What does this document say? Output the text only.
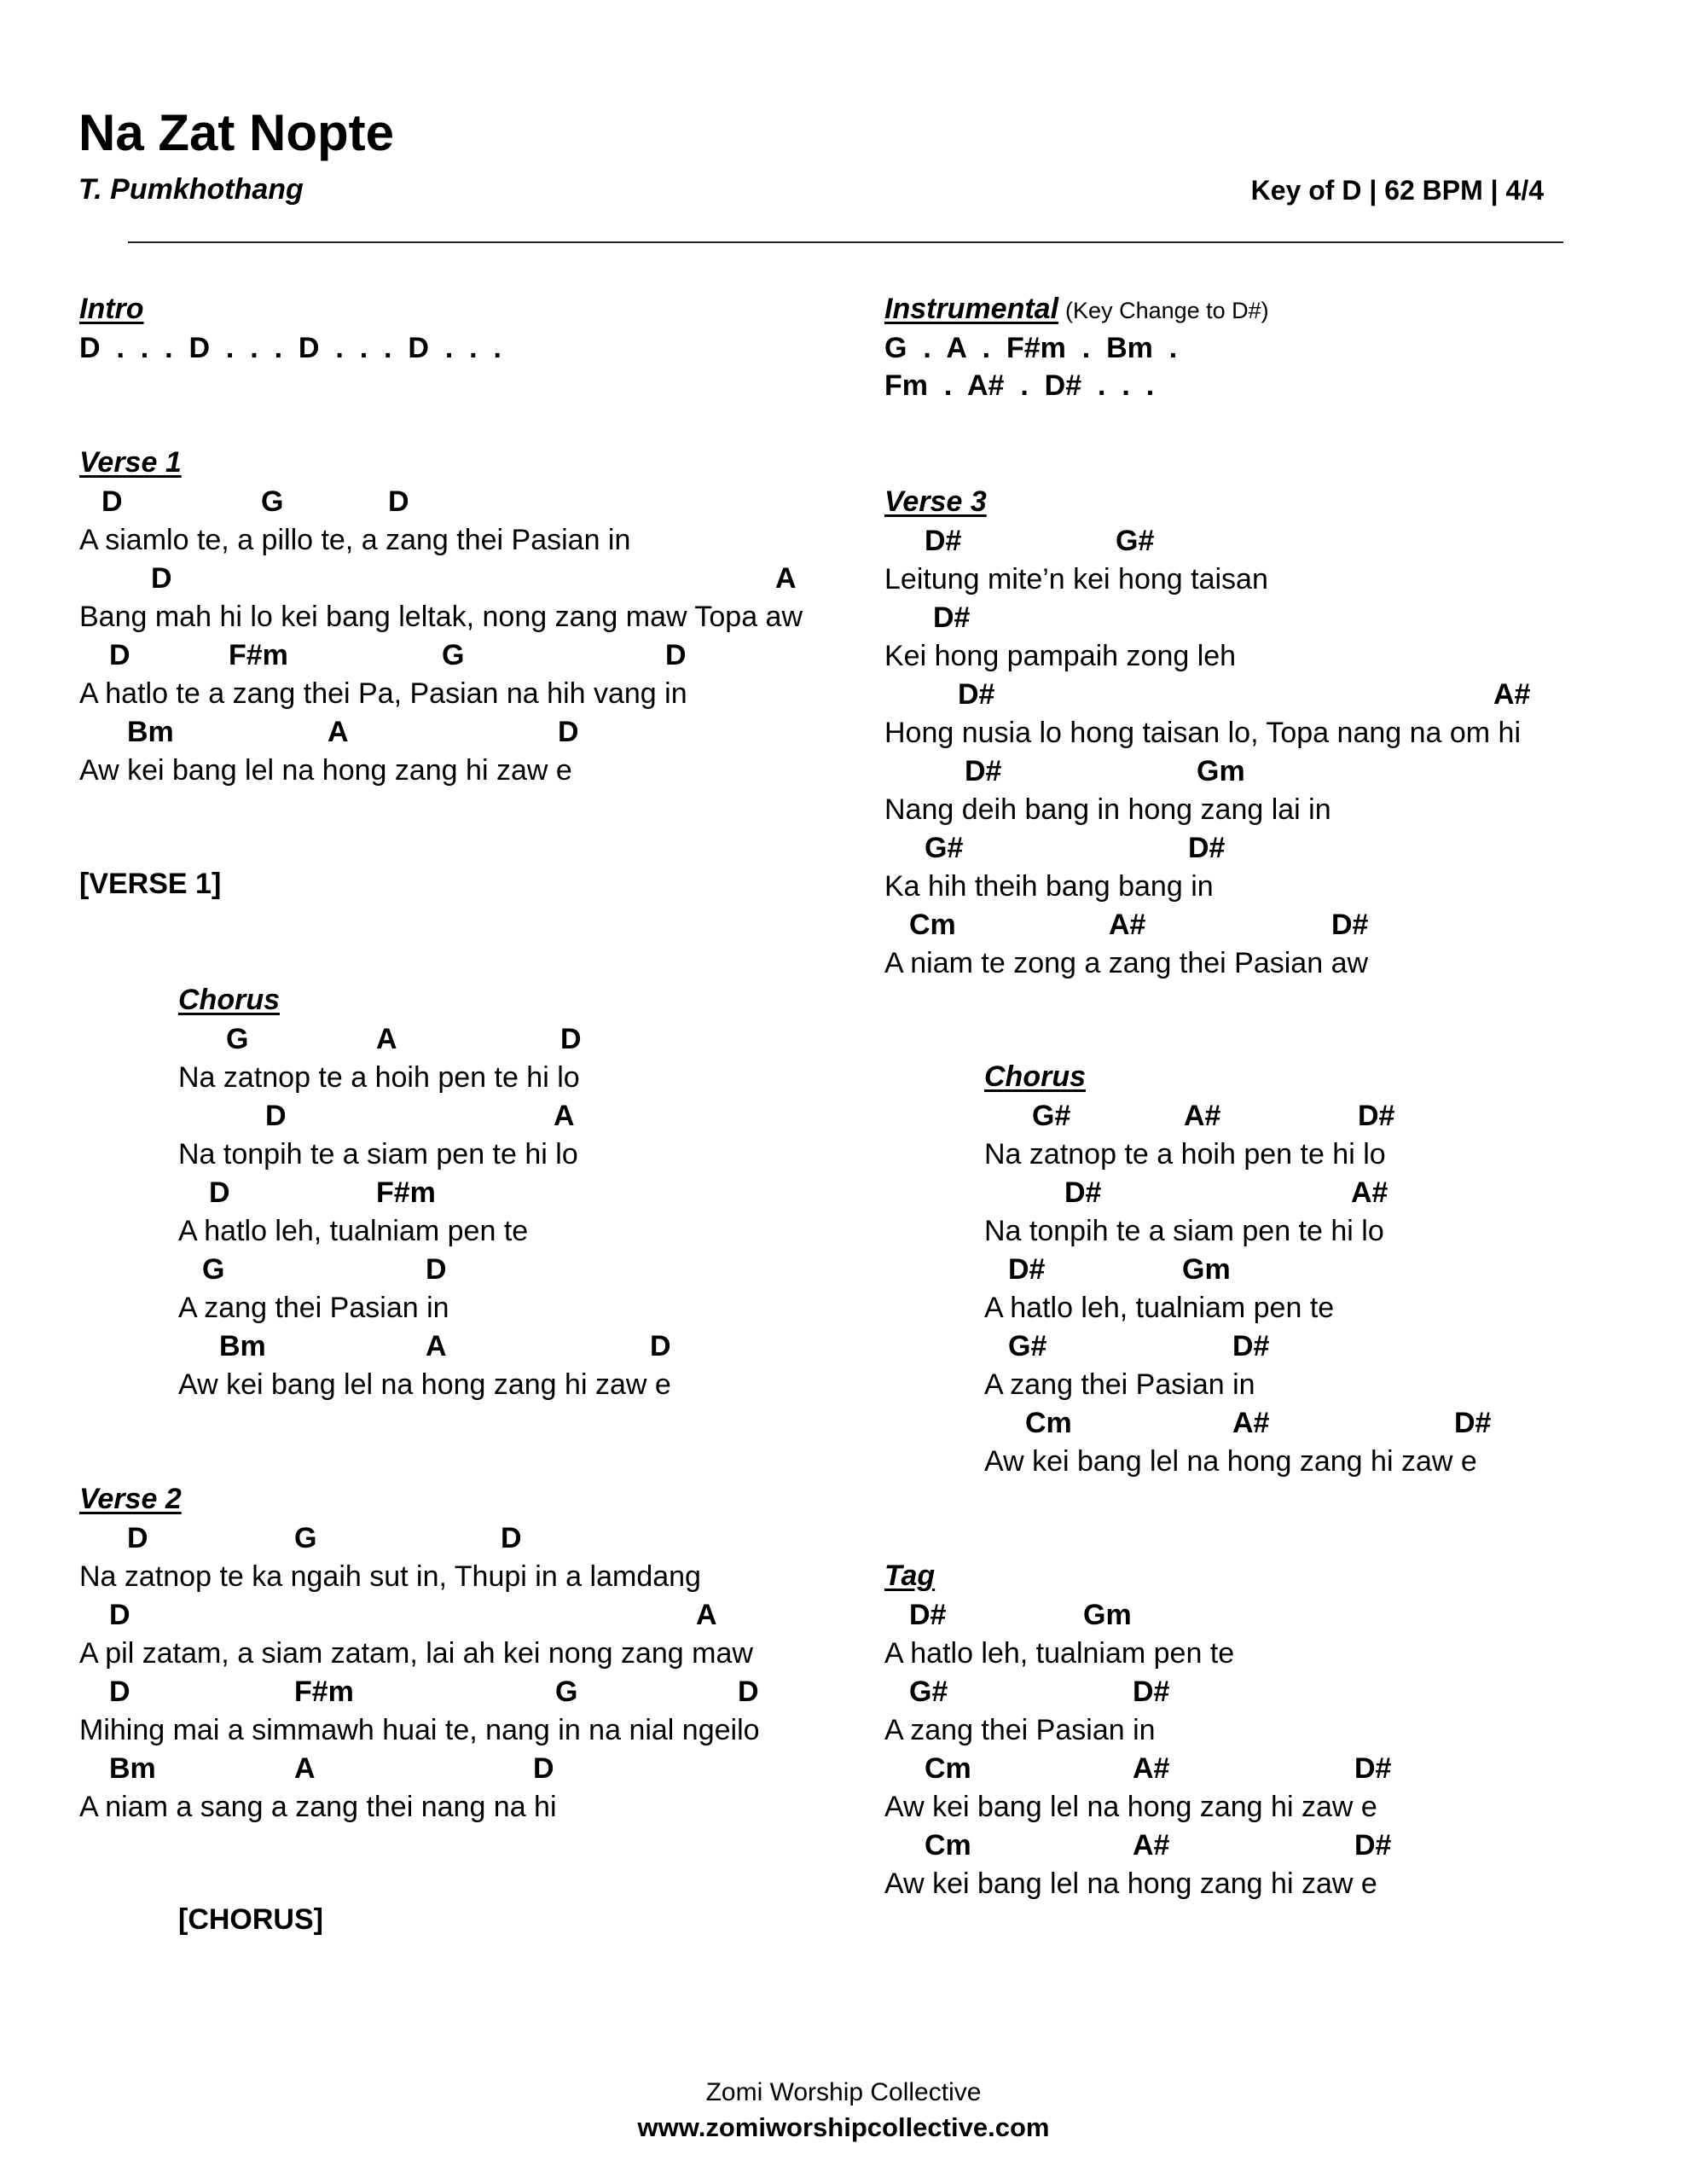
Na Zat Nopte
T. Pumkhothang	Key of D | 62 BPM | 4/4
Intro
D  .  .  .  D  .  .  .  D  .  .  .  D  .  .  .
Verse 1
D	G	D
A siamlo te, a pillo te, a zang thei Pasian in
D	A
Bang mah hi lo kei bang leltak, nong zang maw Topa aw
D	F#m	G	D
A hatlo te a zang thei Pa, Pasian na hih vang in
Bm	A	D
Aw kei bang lel na hong zang hi zaw e
[VERSE 1]
Chorus
G	A	D
Na zatnop te a hoih pen te hi lo
D	A
Na tonpih te a siam pen te hi lo
D	F#m
A hatlo leh, tualniam pen te
G	D
A zang thei Pasian in
Bm	A	D
Aw kei bang lel na hong zang hi zaw e
Verse 2
D	G	D
Na zatnop te ka ngaih sut in, Thupi in a lamdang
D	A
A pil zatam, a siam zatam, lai ah kei nong zang maw
D	F#m	G	D
Mihing mai a simmawh huai te, nang in na nial ngeilo
Bm	A	D
A niam a sang a zang thei nang na hi
[CHORUS]
Instrumental (Key Change to D#)
G  .  A  .  F#m  .  Bm  .
Fm  .  A#  .  D#  .  .  .
Verse 3
D#	G#
Leitung mite’n kei hong taisan
D#
Kei hong pampaih zong leh
D#	A#
Hong nusia lo hong taisan lo, Topa nang na om hi
D#	Gm
Nang deih bang in hong zang lai in
G#	D#
Ka hih theih bang bang in
Cm	A#	D#
A niam te zong a zang thei Pasian aw
Chorus
G#	A#	D#
Na zatnop te a hoih pen te hi lo
D#	A#
Na tonpih te a siam pen te hi lo
D#	Gm
A hatlo leh, tualniam pen te
G#	D#
A zang thei Pasian in
Cm	A#	D#
Aw kei bang lel na hong zang hi zaw e
Tag
D#	Gm
A hatlo leh, tualniam pen te
G#	D#
A zang thei Pasian in
Cm	A#	D#
Aw kei bang lel na hong zang hi zaw e
Cm	A#	D#
Aw kei bang lel na hong zang hi zaw e
Zomi Worship Collective
www.zomiworshipcollective.com
